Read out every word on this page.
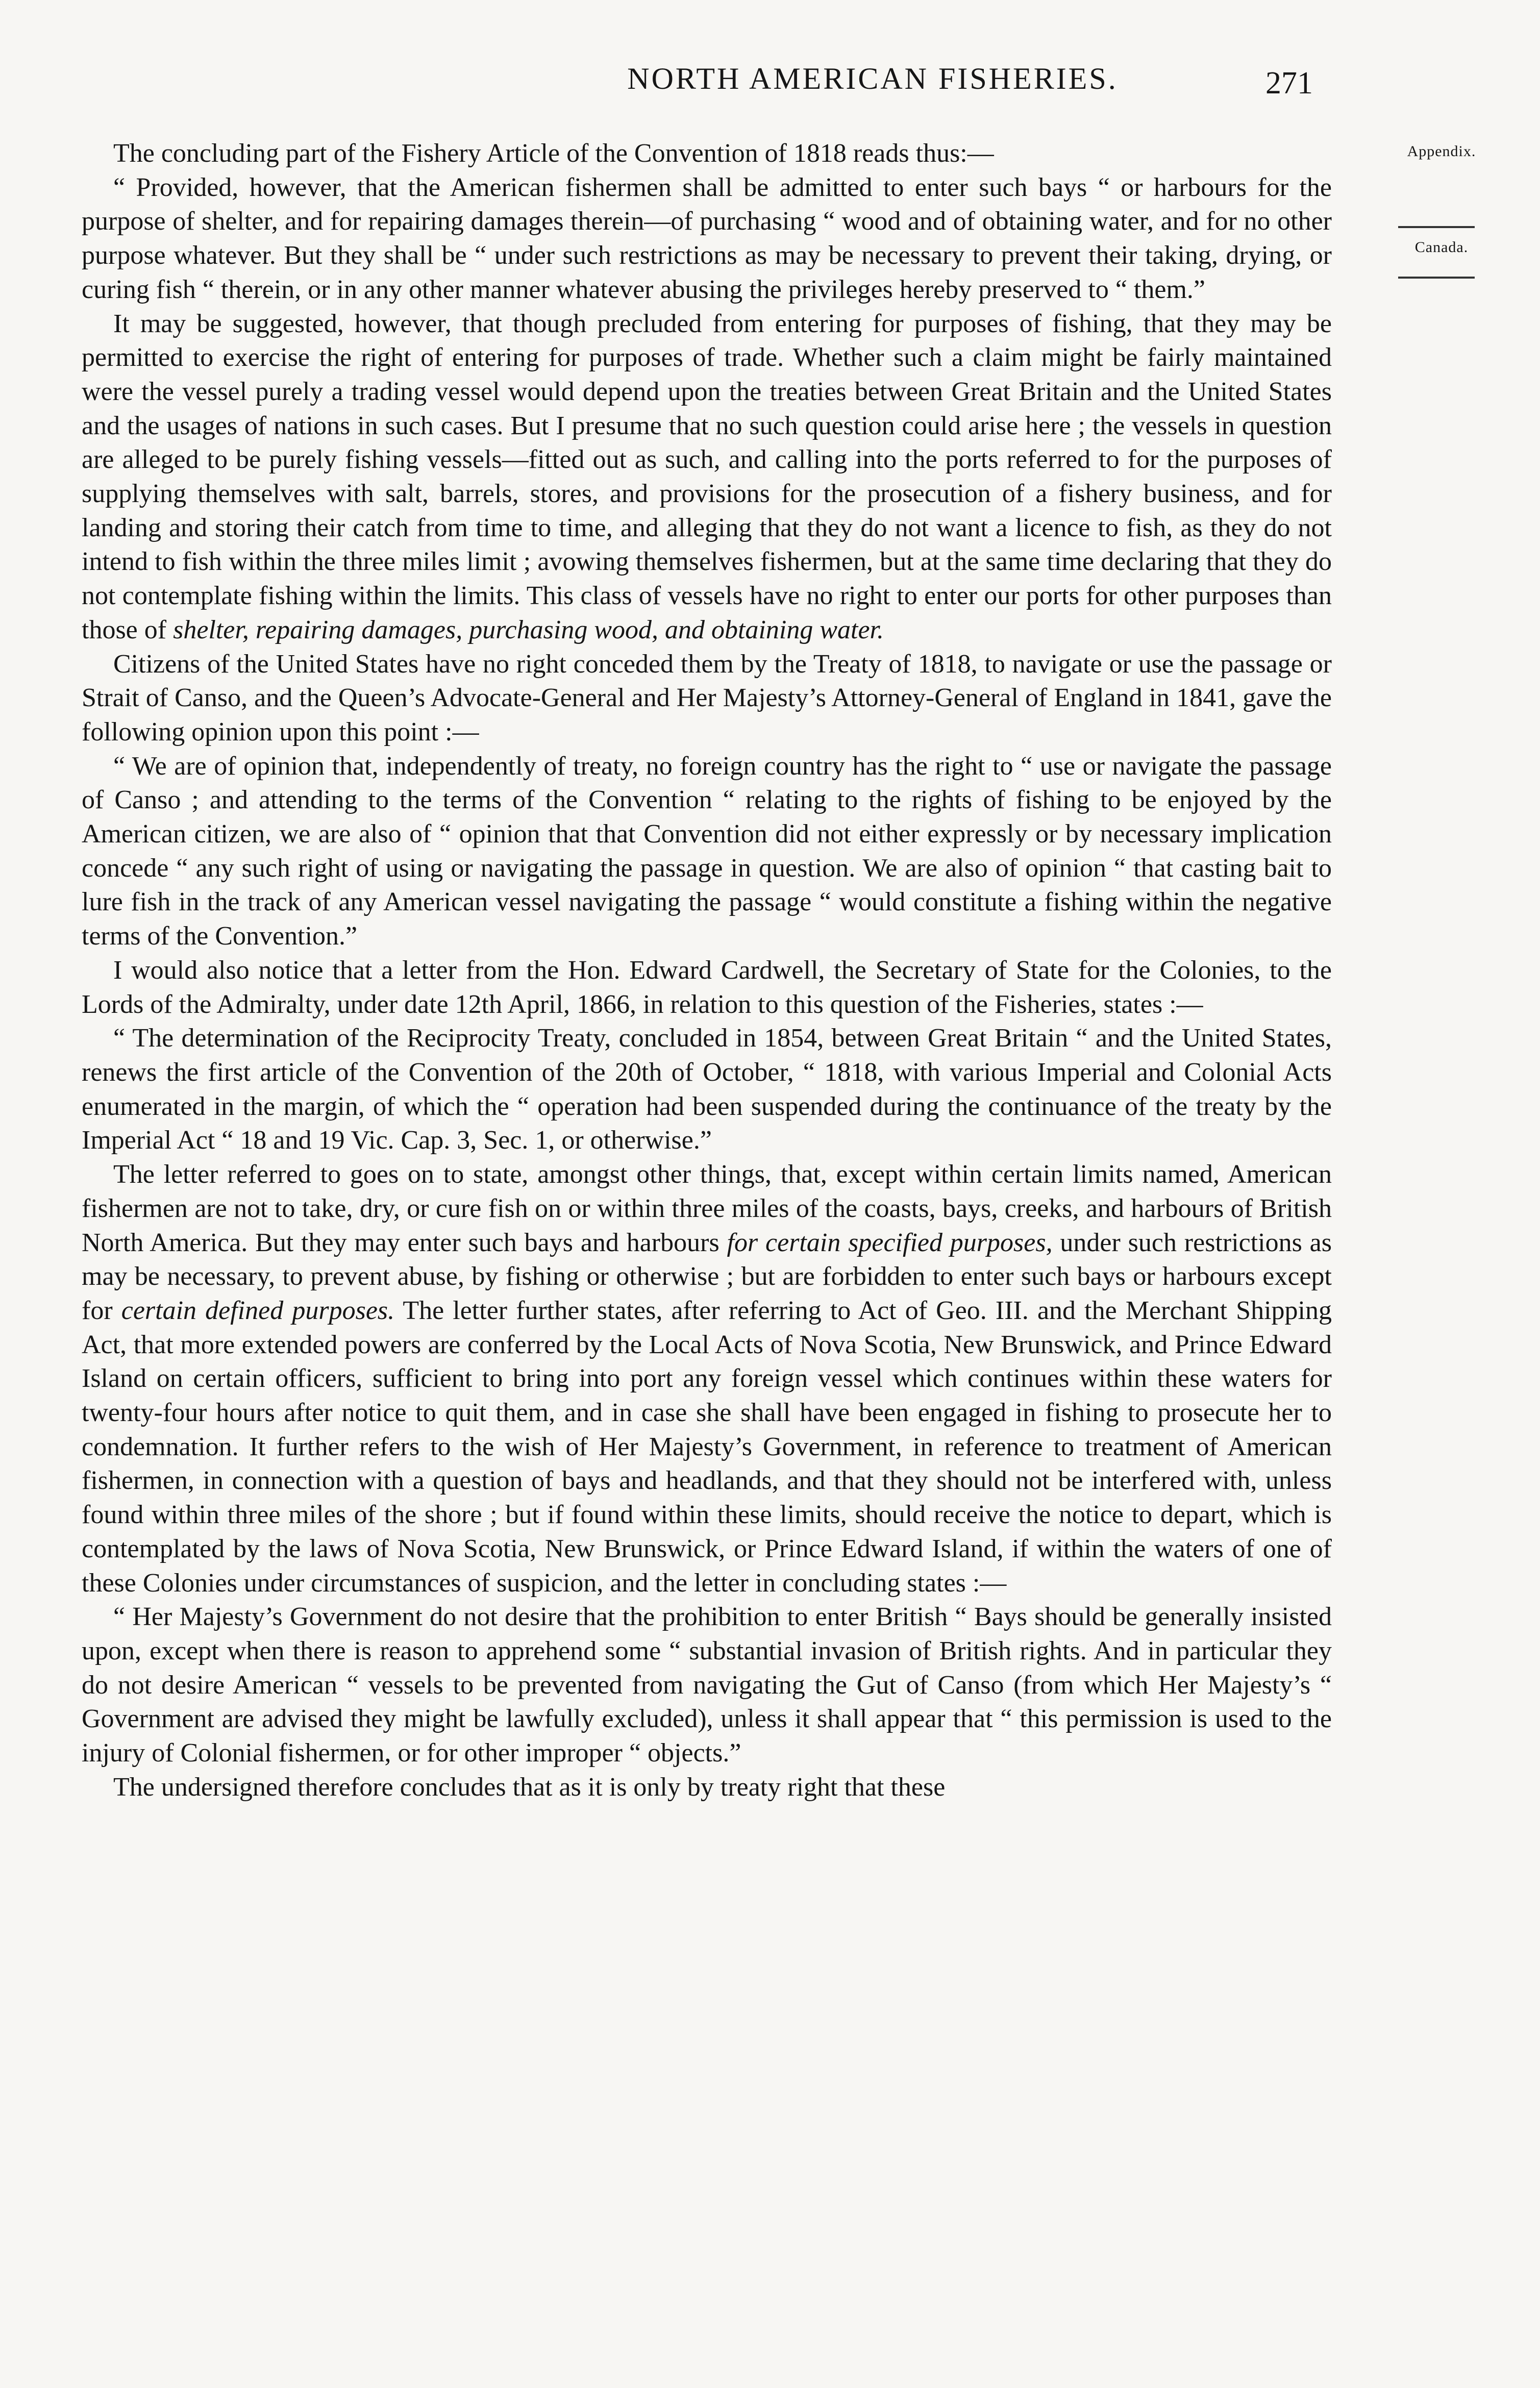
NORTH AMERICAN FISHERIES.	271
Appendix.
Canada.

The concluding part of the Fishery Article of the Convention of 1818 reads thus:—

“ Provided, however, that the American fishermen shall be admitted to enter such bays “ or harbours for the purpose of shelter, and for repairing damages therein—of purchasing “ wood and of obtaining water, and for no other purpose whatever. But they shall be “ under such restrictions as may be necessary to prevent their taking, drying, or curing fish “ therein, or in any other manner whatever abusing the privileges hereby preserved to “ them.”

It may be suggested, however, that though precluded from entering for purposes of fishing, that they may be permitted to exercise the right of entering for purposes of trade. Whether such a claim might be fairly maintained were the vessel purely a trading vessel would depend upon the treaties between Great Britain and the United States and the usages of nations in such cases. But I presume that no such question could arise here ; the vessels in question are alleged to be purely fishing vessels—fitted out as such, and calling into the ports referred to for the purposes of supplying themselves with salt, barrels, stores, and provisions for the prosecution of a fishery business, and for landing and storing their catch from time to time, and alleging that they do not want a licence to fish, as they do not intend to fish within the three miles limit ; avowing themselves fishermen, but at the same time declaring that they do not contemplate fishing within the limits. This class of vessels have no right to enter our ports for other purposes than those of shelter, repairing damages, purchasing wood, and obtaining water.

Citizens of the United States have no right conceded them by the Treaty of 1818, to navigate or use the passage or Strait of Canso, and the Queen’s Advocate-General and Her Majesty’s Attorney-General of England in 1841, gave the following opinion upon this point :—

“ We are of opinion that, independently of treaty, no foreign country has the right to “ use or navigate the passage of Canso ; and attending to the terms of the Convention “ relating to the rights of fishing to be enjoyed by the American citizen, we are also of “ opinion that that Convention did not either expressly or by necessary implication concede “ any such right of using or navigating the passage in question. We are also of opinion “ that casting bait to lure fish in the track of any American vessel navigating the passage “ would constitute a fishing within the negative terms of the Convention.”

I would also notice that a letter from the Hon. Edward Cardwell, the Secretary of State for the Colonies, to the Lords of the Admiralty, under date 12th April, 1866, in relation to this question of the Fisheries, states :—

“ The determination of the Reciprocity Treaty, concluded in 1854, between Great Britain “ and the United States, renews the first article of the Convention of the 20th of October, “ 1818, with various Imperial and Colonial Acts enumerated in the margin, of which the “ operation had been suspended during the continuance of the treaty by the Imperial Act “ 18 and 19 Vic. Cap. 3, Sec. 1, or otherwise.”

The letter referred to goes on to state, amongst other things, that, except within certain limits named, American fishermen are not to take, dry, or cure fish on or within three miles of the coasts, bays, creeks, and harbours of British North America. But they may enter such bays and harbours for certain specified purposes, under such restrictions as may be necessary, to prevent abuse, by fishing or otherwise ; but are forbidden to enter such bays or harbours except for certain defined purposes. The letter further states, after referring to Act of Geo. III. and the Merchant Shipping Act, that more extended powers are conferred by the Local Acts of Nova Scotia, New Brunswick, and Prince Edward Island on certain officers, sufficient to bring into port any foreign vessel which continues within these waters for twenty-four hours after notice to quit them, and in case she shall have been engaged in fishing to prosecute her to condemnation. It further refers to the wish of Her Majesty’s Government, in reference to treatment of American fishermen, in connection with a question of bays and headlands, and that they should not be interfered with, unless found within three miles of the shore ; but if found within these limits, should receive the notice to depart, which is contemplated by the laws of Nova Scotia, New Brunswick, or Prince Edward Island, if within the waters of one of these Colonies under circumstances of suspicion, and the letter in concluding states :—

“ Her Majesty’s Government do not desire that the prohibition to enter British “ Bays should be generally insisted upon, except when there is reason to apprehend some “ substantial invasion of British rights. And in particular they do not desire American “ vessels to be prevented from navigating the Gut of Canso (from which Her Majesty’s “ Government are advised they might be lawfully excluded), unless it shall appear that “ this permission is used to the injury of Colonial fishermen, or for other improper “ objects.”

The undersigned therefore concludes that as it is only by treaty right that these
